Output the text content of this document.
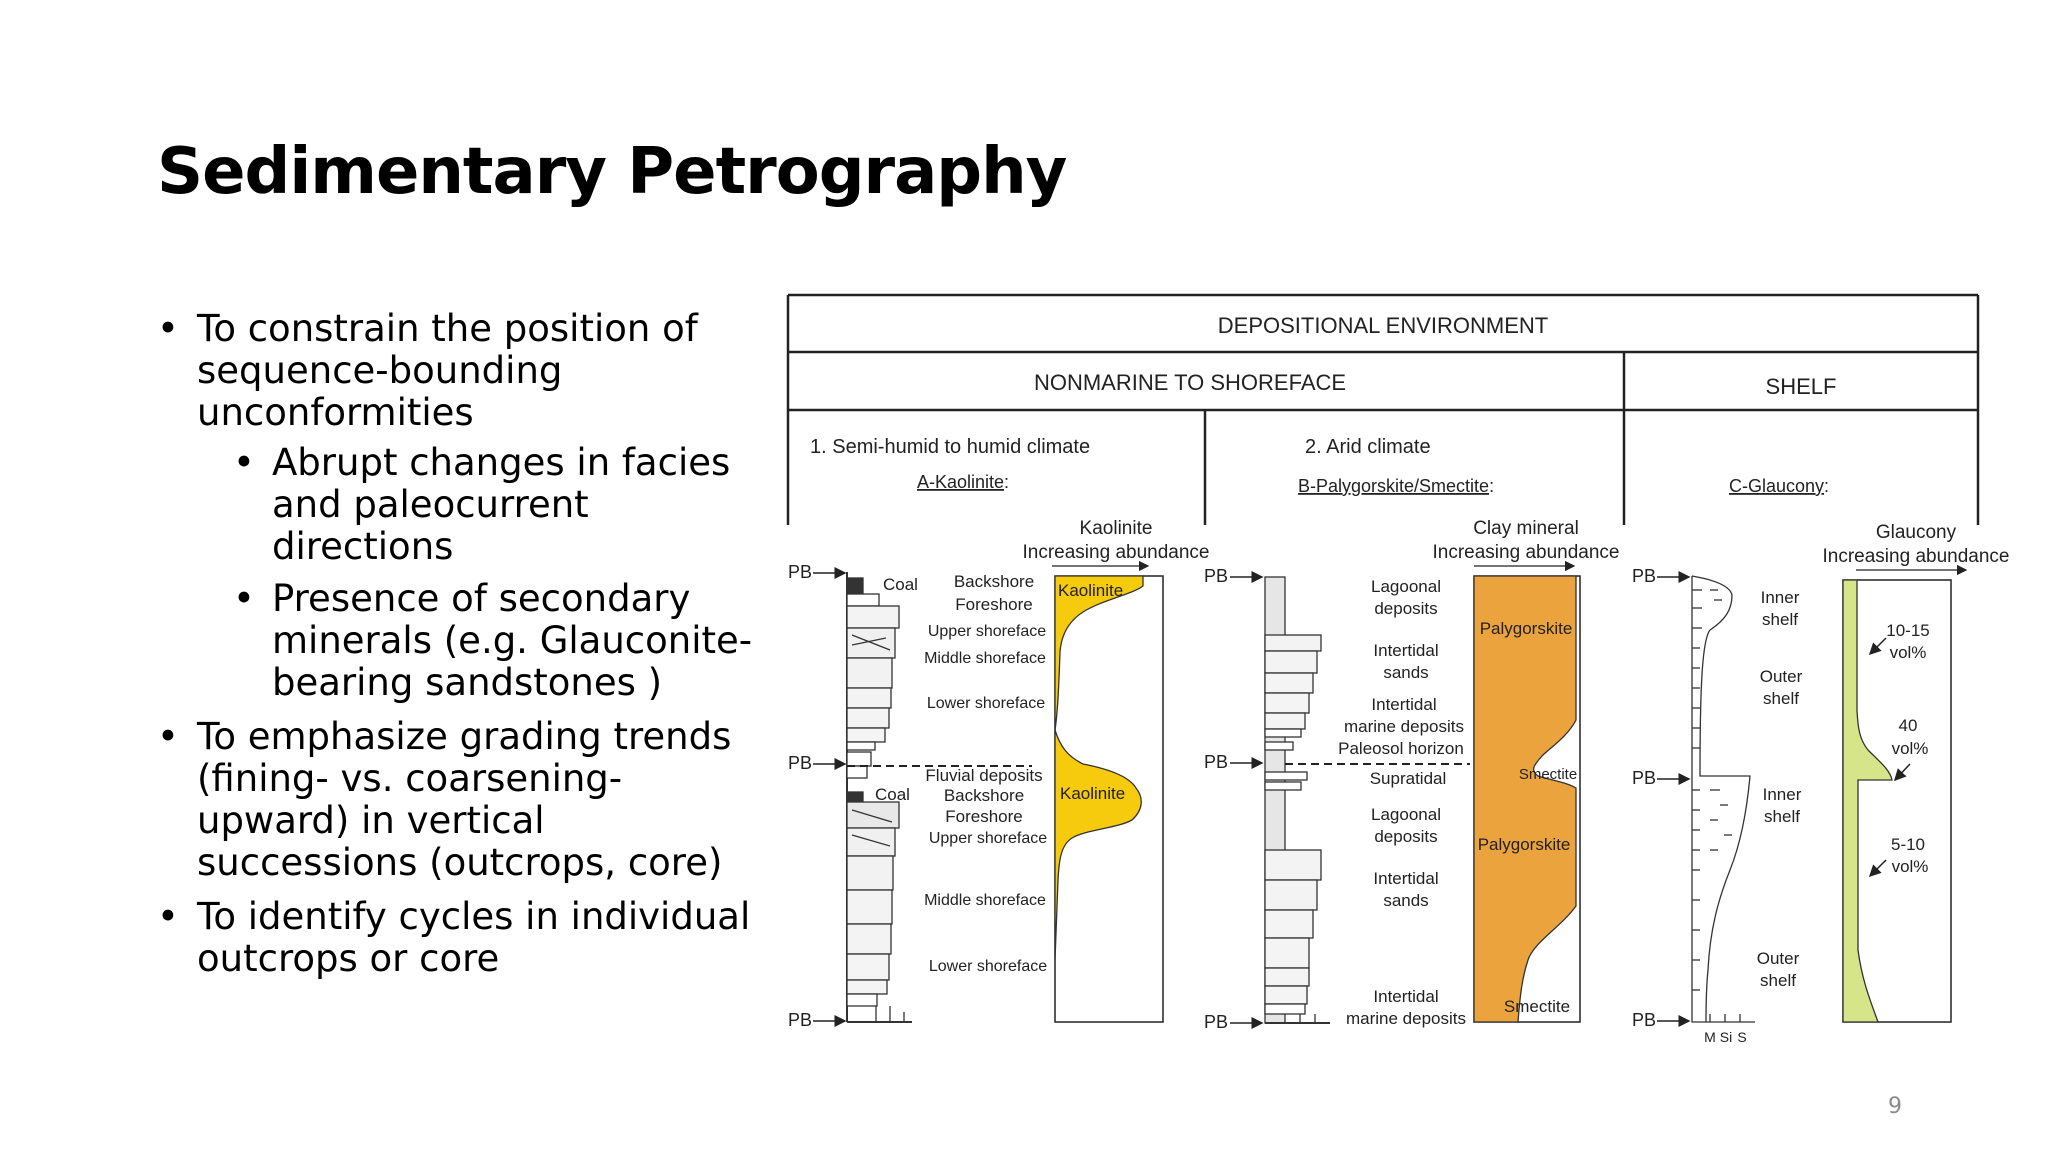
Sedimentary Petrography
• To constrain the position of sequence-bounding unconformities
• Abrupt changes in facies and paleocurrent directions
• Presence of secondary minerals (e.g. Glauconite-bearing sandstones )
• To emphasize grading trends (fining- vs. coarsening-upward) in vertical successions (outcrops, core)
• To identify cycles in individual outcrops or core
DEPOSITIONAL ENVIRONMENT
NONMARINE TO SHOREFACE	SHELF
1. Semi-humid to humid climate	2. Arid climate
A-Kaolinite:	B-Palygorskite/Smectite:	C-Glaucony:
PB
PB
PB
Coal Backshore
Foreshore
Upper shoreface
Middle shoreface
Lower shoreface
Fluvial deposits
Coal Backshore
Foreshore
Upper shoreface
Middle shoreface
Lower shoreface
Kaolinite
Increasing abundance
Kaolinite
Kaolinite
PB
PB
PB
Lagoonal
deposits
Intertidal
sands
Intertidal
marine deposits
Paleosol horizon
Supratidal
Lagoonal
deposits
Intertidal
sands
Intertidal
marine deposits
Clay mineral
Increasing abundance
Palygorskite
Smectite
Palygorskite
Smectite
PB
PB
PB
M Si S
Inner
shelf
Outer
shelf
Inner
shelf
Outer
shelf
Glaucony
Increasing abundance
10-15
vol%
40
vol%
5-10
vol%
9
